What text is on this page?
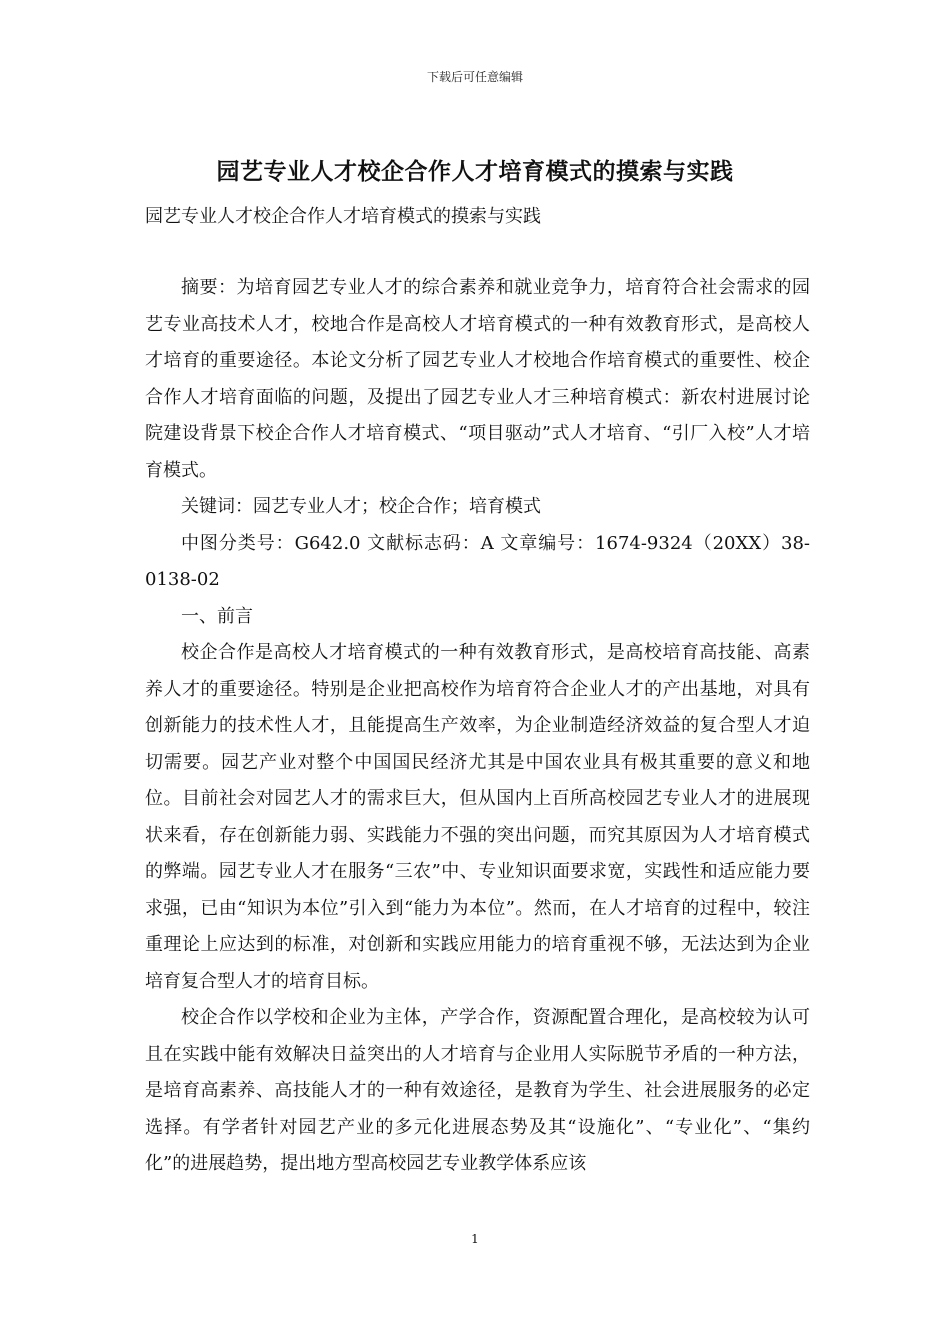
下载后可任意编辑
园艺专业人才校企合作人才培育模式的摸索与实践
园艺专业人才校企合作人才培育模式的摸索与实践

摘要：为培育园艺专业人才的综合素养和就业竞争力，培育符合社会需求的园艺专业高技术人才，校地合作是高校人才培育模式的一种有效教育形式，是高校人才培育的重要途径。本论文分析了园艺专业人才校地合作培育模式的重要性、校企合作人才培育面临的问题，及提出了园艺专业人才三种培育模式：新农村进展讨论院建设背景下校企合作人才培育模式、“项目驱动”式人才培育、“引厂入校”人才培育模式。

关键词：园艺专业人才；校企合作；培育模式

中图分类号：G642.0 文献标志码：A 文章编号：1674-9324（20XX）38-0138-02

一、前言

校企合作是高校人才培育模式的一种有效教育形式，是高校培育高技能、高素养人才的重要途径。特别是企业把高校作为培育符合企业人才的产出基地，对具有创新能力的技术性人才，且能提高生产效率，为企业制造经济效益的复合型人才迫切需要。园艺产业对整个中国国民经济尤其是中国农业具有极其重要的意义和地位。目前社会对园艺人才的需求巨大，但从国内上百所高校园艺专业人才的进展现状来看，存在创新能力弱、实践能力不强的突出问题，而究其原因为人才培育模式的弊端。园艺专业人才在服务“三农”中、专业知识面要求宽，实践性和适应能力要求强，已由“知识为本位”引入到“能力为本位”。然而，在人才培育的过程中，较注重理论上应达到的标准，对创新和实践应用能力的培育重视不够，无法达到为企业培育复合型人才的培育目标。

校企合作以学校和企业为主体，产学合作，资源配置合理化，是高校较为认可且在实践中能有效解决日益突出的人才培育与企业用人实际脱节矛盾的一种方法，是培育高素养、高技能人才的一种有效途径，是教育为学生、社会进展服务的必定选择。有学者针对园艺产业的多元化进展态势及其“设施化”、“专业化”、“集约化”的进展趋势，提出地方型高校园艺专业教学体系应该

1
